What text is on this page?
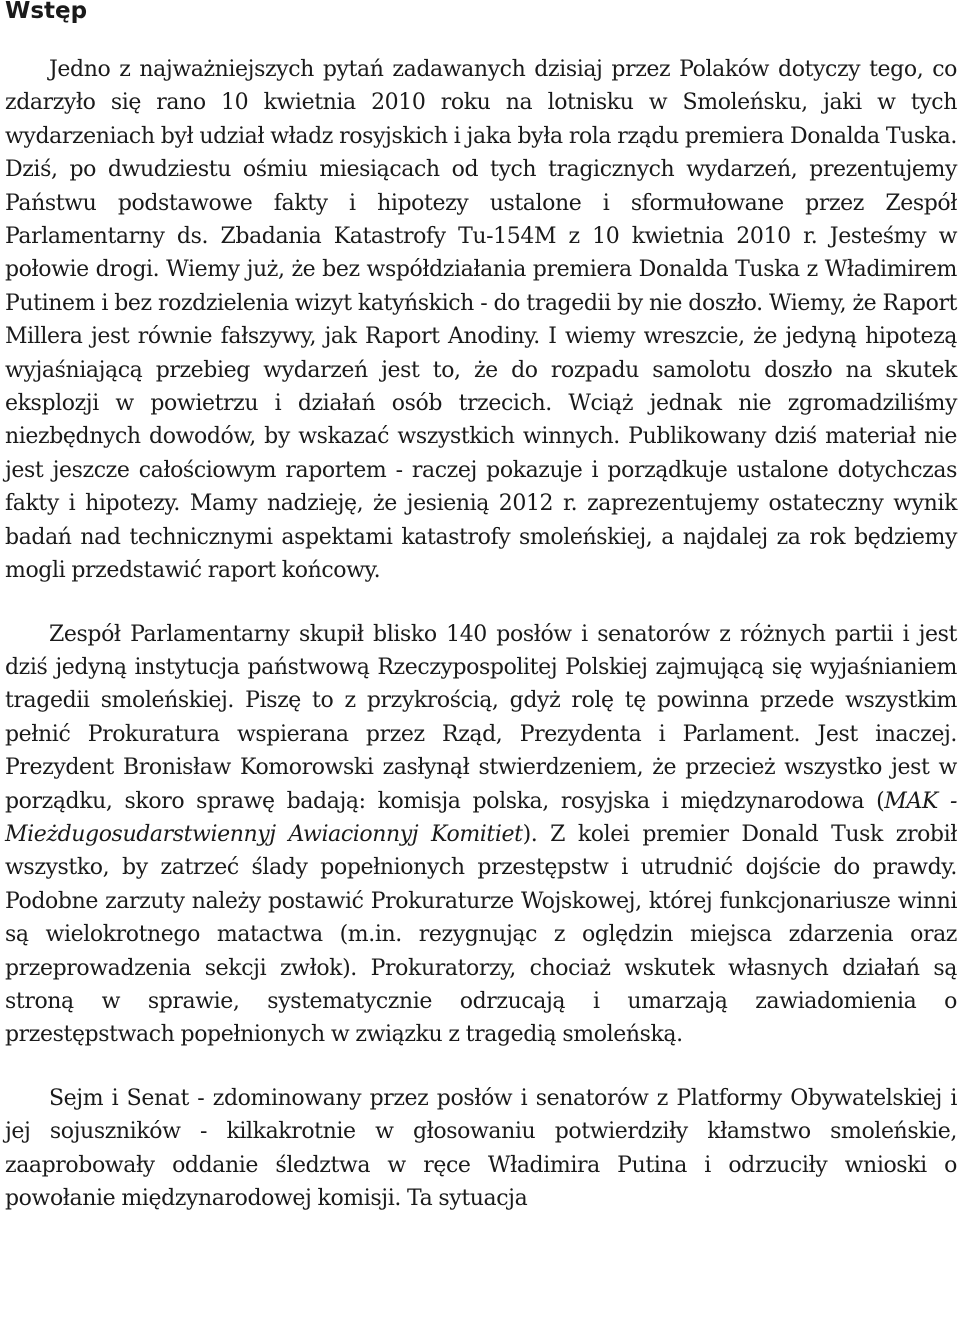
Wstęp

Jedno z najważniejszych pytań zadawanych dzisiaj przez Polaków dotyczy tego, co zdarzyło się rano 10 kwietnia 2010 roku na lotnisku w Smoleńsku, jaki w tych wydarzeniach był udział władz rosyjskich i jaka była rola rządu premiera Donalda Tuska. Dziś, po dwudziestu ośmiu miesiącach od tych tragicznych wydarzeń, prezentujemy Państwu podstawowe fakty i hipotezy ustalone i sformułowane przez Zespół Parlamentarny ds. Zbadania Katastrofy Tu-154M z 10 kwietnia 2010 r. Jesteśmy w połowie drogi. Wiemy już, że bez współdziałania premiera Donalda Tuska z Władimirem Putinem i bez rozdzielenia wizyt katyńskich - do tragedii by nie doszło. Wiemy, że Raport Millera jest równie fałszywy, jak Raport Anodiny. I wiemy wreszcie, że jedyną hipotezą wyjaśniającą przebieg wydarzeń jest to, że do rozpadu samolotu doszło na skutek eksplozji w powietrzu i działań osób trzecich. Wciąż jednak nie zgromadziliśmy niezbędnych dowodów, by wskazać wszystkich winnych. Publikowany dziś materiał nie jest jeszcze całościowym raportem - raczej pokazuje i porządkuje ustalone dotychczas fakty i hipotezy. Mamy nadzieję, że jesienią 2012 r. zaprezentujemy ostateczny wynik badań nad technicznymi aspektami katastrofy smoleńskiej, a najdalej za rok będziemy mogli przedstawić raport końcowy.

Zespół Parlamentarny skupił blisko 140 posłów i senatorów z różnych partii i jest dziś jedyną instytucja państwową Rzeczypospolitej Polskiej zajmującą się wyjaśnianiem tragedii smoleńskiej. Piszę to z przykrością, gdyż rolę tę powinna przede wszystkim pełnić Prokuratura wspierana przez Rząd, Prezydenta i Parlament. Jest inaczej. Prezydent Bronisław Komorowski zasłynął stwierdzeniem, że przecież wszystko jest w porządku, skoro sprawę badają: komisja polska, rosyjska i międzynarodowa (MAK - Mieżdugosudarstwiennyj Awiacionnyj Komitiet). Z kolei premier Donald Tusk zrobił wszystko, by zatrzeć ślady popełnionych przestępstw i utrudnić dojście do prawdy. Podobne zarzuty należy postawić Prokuraturze Wojskowej, której funkcjonariusze winni są wielokrotnego matactwa (m.in. rezygnując z oględzin miejsca zdarzenia oraz przeprowadzenia sekcji zwłok). Prokuratorzy, chociaż wskutek własnych działań są stroną w sprawie, systematycznie odrzucają i umarzają zawiadomienia o przestępstwach popełnionych w związku z tragedią smoleńską.

Sejm i Senat - zdominowany przez posłów i senatorów z Platformy Obywatelskiej i jej sojuszników - kilkakrotnie w głosowaniu potwierdziły kłamstwo smoleńskie, zaaprobowały oddanie śledztwa w ręce Władimira Putina i odrzuciły wnioski o powołanie międzynarodowej komisji. Ta sytuacja
